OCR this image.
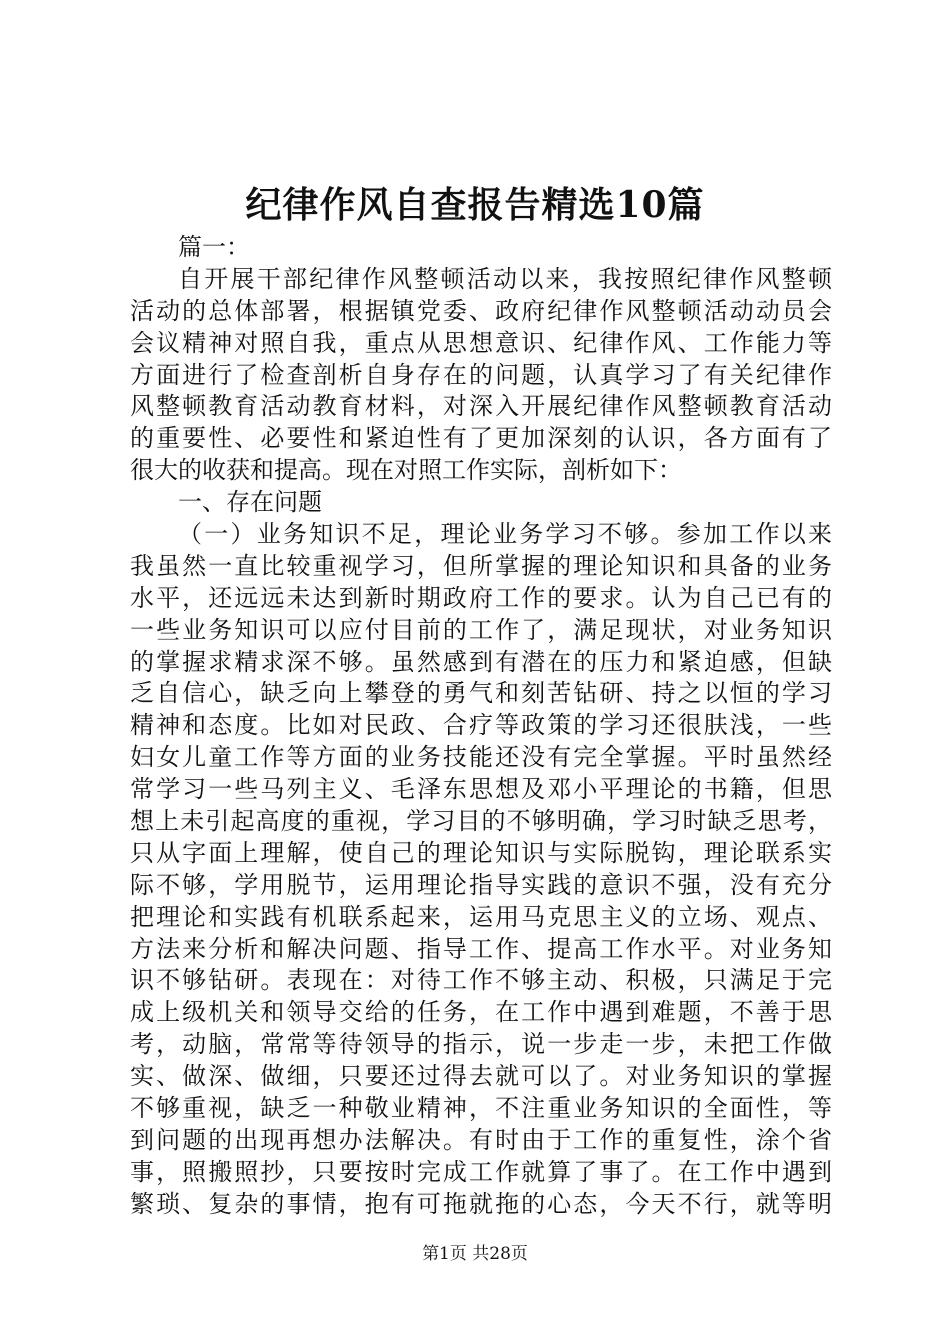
纪律作风自查报告精选10篇
篇一：
自开展干部纪律作风整顿活动以来，我按照纪律作风整顿
活动的总体部署，根据镇党委、政府纪律作风整顿活动动员会
会议精神对照自我，重点从思想意识、纪律作风、工作能力等
方面进行了检查剖析自身存在的问题，认真学习了有关纪律作
风整顿教育活动教育材料，对深入开展纪律作风整顿教育活动
的重要性、必要性和紧迫性有了更加深刻的认识，各方面有了
很大的收获和提高。现在对照工作实际，剖析如下：
一、存在问题
（一）业务知识不足，理论业务学习不够。参加工作以来
我虽然一直比较重视学习，但所掌握的理论知识和具备的业务
水平，还远远未达到新时期政府工作的要求。认为自己已有的
一些业务知识可以应付目前的工作了，满足现状，对业务知识
的掌握求精求深不够。虽然感到有潜在的压力和紧迫感，但缺
乏自信心，缺乏向上攀登的勇气和刻苦钻研、持之以恒的学习
精神和态度。比如对民政、合疗等政策的学习还很肤浅，一些
妇女儿童工作等方面的业务技能还没有完全掌握。平时虽然经
常学习一些马列主义、毛泽东思想及邓小平理论的书籍，但思
想上未引起高度的重视，学习目的不够明确，学习时缺乏思考，
只从字面上理解，使自己的理论知识与实际脱钩，理论联系实
际不够，学用脱节，运用理论指导实践的意识不强，没有充分
把理论和实践有机联系起来，运用马克思主义的立场、观点、
方法来分析和解决问题、指导工作、提高工作水平。对业务知
识不够钻研。表现在：对待工作不够主动、积极，只满足于完
成上级机关和领导交给的任务，在工作中遇到难题，不善于思
考，动脑，常常等待领导的指示，说一步走一步，未把工作做
实、做深、做细，只要还过得去就可以了。对业务知识的掌握
不够重视，缺乏一种敬业精神，不注重业务知识的全面性，等
到问题的出现再想办法解决。有时由于工作的重复性，涂个省
事，照搬照抄，只要按时完成工作就算了事了。在工作中遇到
繁琐、复杂的事情，抱有可拖就拖的心态，今天不行，就等明
第1页 共28页
